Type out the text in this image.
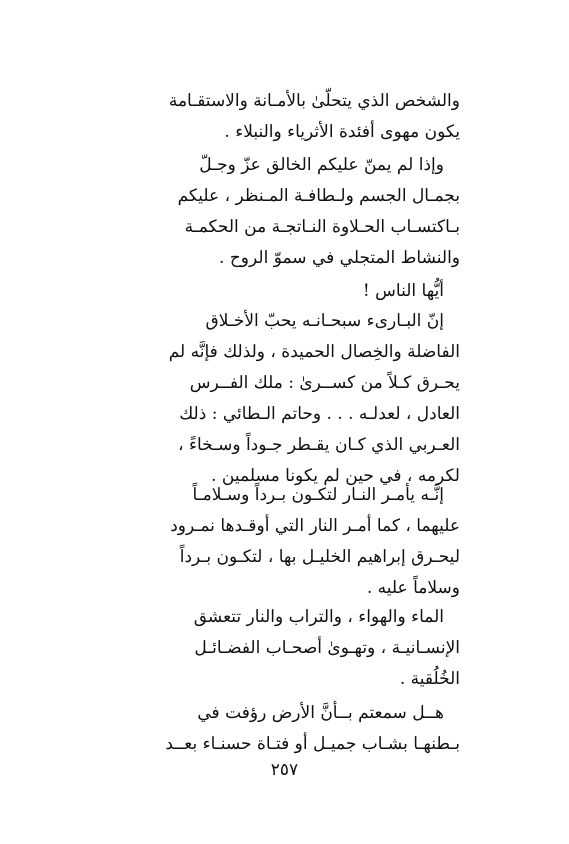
والشخص الذي يتحلّىٰ بالأمـانة والاستقـامة
يكون مهوى أفئدة الأثرياء والنبلاء .
وإذا لم يمنّ عليكم الخالق عزّ وجـلّ
بجمـال الجسم ولـطافـة المـنظر ، عليكم
بـاكتسـاب الحـلاوة النـاتجـة من الحكمـة
والنشاط المتجلي في سموّ الروح .
أيُّها الناس !
إنّ البـارىء سبحـانـه يحبّ الأخـلاق
الفاضلة والخِصال الحميدة ، ولذلك فإنَّه لم
يحـرق كـلاً من كســرىٰ : ملك الفــرس
العادل ، لعدلـه . . . وحاتم الـطائي : ذلك
العـربي الذي كـان يقـطر جـوداً وسـخاءً ،
لكرمه ، في حين لم يكونا مسلمين .
إنَّـه يأمـر النـار لتكـون بـرداً وسـلامـاً
عليهما ، كما أمـر النار التي أوقـدها نمـرود
ليحـرق إبراهيم الخليـل بها ، لتكـون بـرداً
وسلاماً عليه .
الماء والهواء ، والتراب والنار تتعشق
الإنسـانيـة ، وتهـوىٰ أصحـاب الفضـائـل
الخُلُقية .
هــل سمعتم بــأنَّ الأرض رؤفت في
بـطنهـا بشـاب جميـل أو فتـاة حسنـاء بعــد
٢٥٧
